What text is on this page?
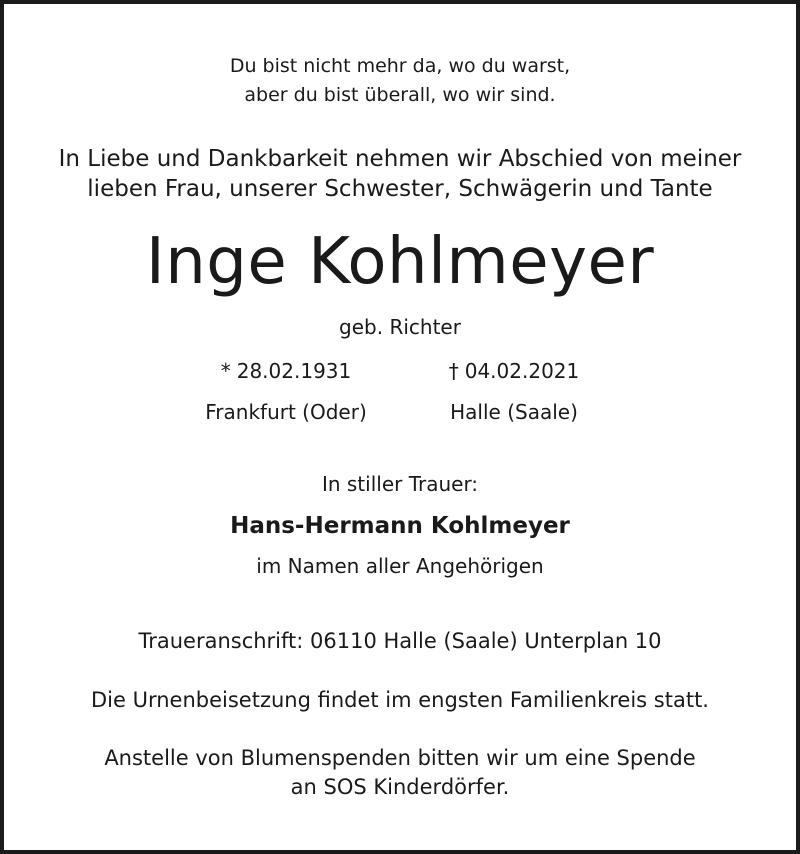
Du bist nicht mehr da, wo du warst,
aber du bist überall, wo wir sind.
In Liebe und Dankbarkeit nehmen wir Abschied von meiner
lieben Frau, unserer Schwester, Schwägerin und Tante
Inge Kohlmeyer
geb. Richter
* 28.02.1931	† 04.02.2021
Frankfurt (Oder)	Halle (Saale)
In stiller Trauer:
Hans-Hermann Kohlmeyer
im Namen aller Angehörigen
Traueranschrift: 06110 Halle (Saale) Unterplan 10
Die Urnenbeisetzung findet im engsten Familienkreis statt.
Anstelle von Blumenspenden bitten wir um eine Spende
an SOS Kinderdörfer.
